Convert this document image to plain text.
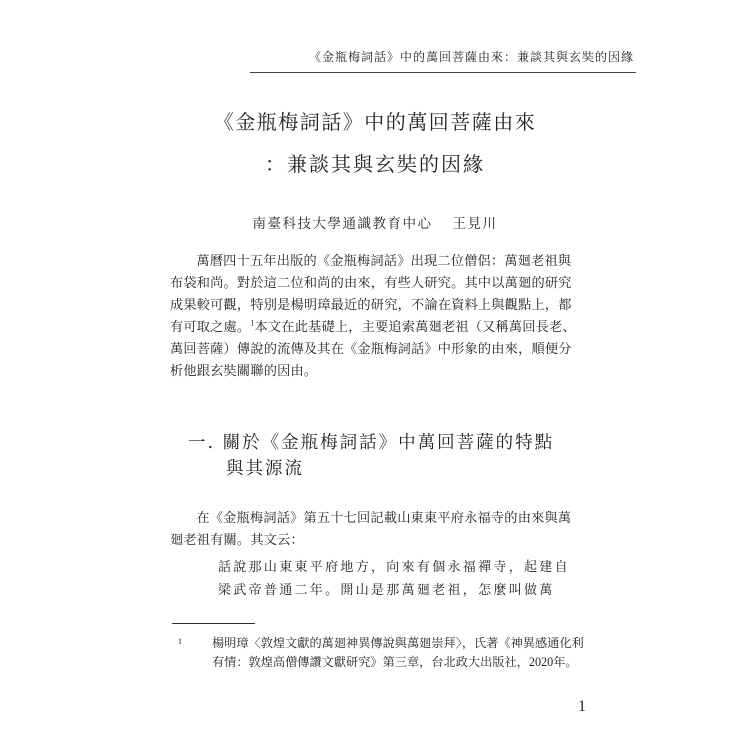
《金瓶梅詞話》中的萬回菩薩由來：兼談其與玄奘的因緣
《金瓶梅詞話》中的萬回菩薩由來
：兼談其與玄奘的因緣
南臺科技大學通識教育中心 王見川
萬曆四十五年出版的《金瓶梅詞話》出現二位僧侶：萬廻老祖與布袋和尚。對於這二位和尚的由來，有些人研究。其中以萬廻的研究成果較可觀，特別是楊明璋最近的研究，不論在資料上與觀點上，都有可取之處。$^1$本文在此基礎上，主要追索萬廻老祖（又稱萬回長老、萬回菩薩）傳說的流傳及其在《金瓶梅詞話》中形象的由來，順便分析他跟玄奘關聯的因由。
一. 關於《金瓶梅詞話》中萬回菩薩的特點
與其源流
在《金瓶梅詞話》第五十七回記載山東東平府永福寺的由來與萬廻老祖有關。其文云：
話說那山東東平府地方，向來有個永福禪寺，起建自
梁武帝普通二年。開山是那萬廻老祖，怎麼叫做萬
1 楊明璋〈敦煌文獻的萬廻神異傳說與萬廻崇拜〉，氏著《神異感通化利有情：敦煌高僧傳讚文獻研究》第三章，台北政大出版社，2020年。
1
